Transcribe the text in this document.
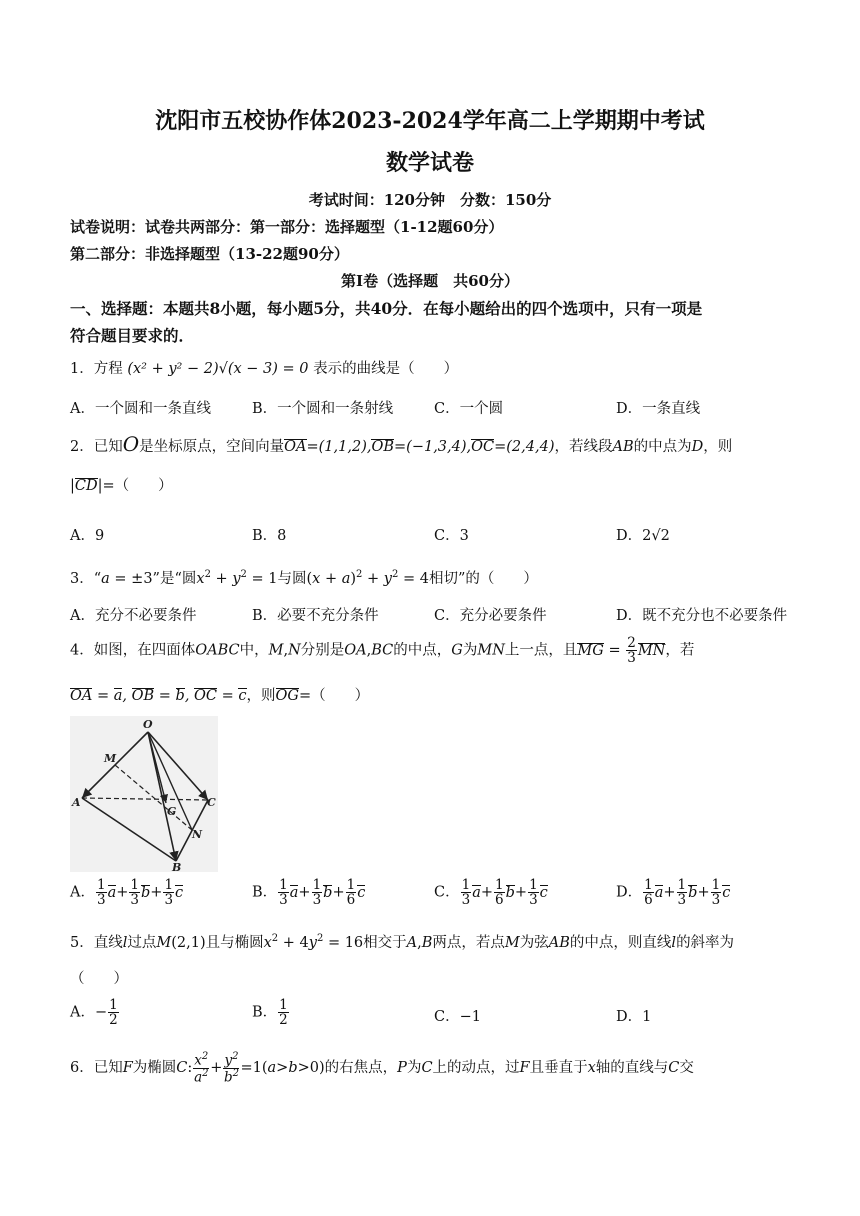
沈阳市五校协作体2023-2024学年高二上学期期中考试
数学试卷
考试时间：120分钟　分数：150分
试卷说明：试卷共两部分：第一部分：选择题型（1-12题60分）
第二部分：非选择题型（13-22题90分）
第Ⅰ卷（选择题　共60分）
一、选择题：本题共8小题，每小题5分，共40分．在每小题给出的四个选项中，只有一项是
符合题目要求的．
1．方程 (x² + y² − 2)√(x − 3) = 0 表示的曲线是（　　）
A．一个圆和一条直线	B．一个圆和一条射线	C．一个圆	D．一条直线
2．已知O是坐标原点，空间向量OA=(1,1,2),OB=(−1,3,4),OC=(2,4,4)，若线段AB的中点为D，则
|CD|=（　　）
A．9	B．8	C．3	D．2√2
3．“a = ±3”是“圆$x^2 + y^2 = 1$与圆$(x + a)^2 + y^2 = 4$相切”的（　　）
A．充分不必要条件	B．必要不充分条件	C．充分必要条件	D．既不充分也不必要条件
4．如图，在四面体OABC中，M,N分别是OA,BC的中点，G为MN上一点，且MG = $\frac{2}{3}$ MN，若
OA = a, OB = b, OC = c，则OG=（　　）
O
M
A
G
C
N
B
A． $\frac{1}{3} a+ \frac{1}{3} b+ \frac{1}{3}$ c	B． $\frac{1}{3} a+ \frac{1}{3} b+ \frac{1}{6}$ c	C． $\frac{1}{3} a+ \frac{1}{6} b+ \frac{1}{3}$ c	D． $\frac{1}{6} a+ \frac{1}{3} b+ \frac{1}{3}$ c
5．直线l过点M(2,1)且与椭圆$x^2 + 4y^2 = 16$相交于A,B两点，若点M为弦AB的中点，则直线l的斜率为
（　　）
A．− $\frac{1}{2}$	B． $\frac{1}{2}$	C．−1	D．1
6．已知F为椭圆C: $\frac{x^2}{a^2} + \frac{y^2}{b^2} =1(a>b>0)$的右焦点，P为C上的动点，过F且垂直于x轴的直线与C交
